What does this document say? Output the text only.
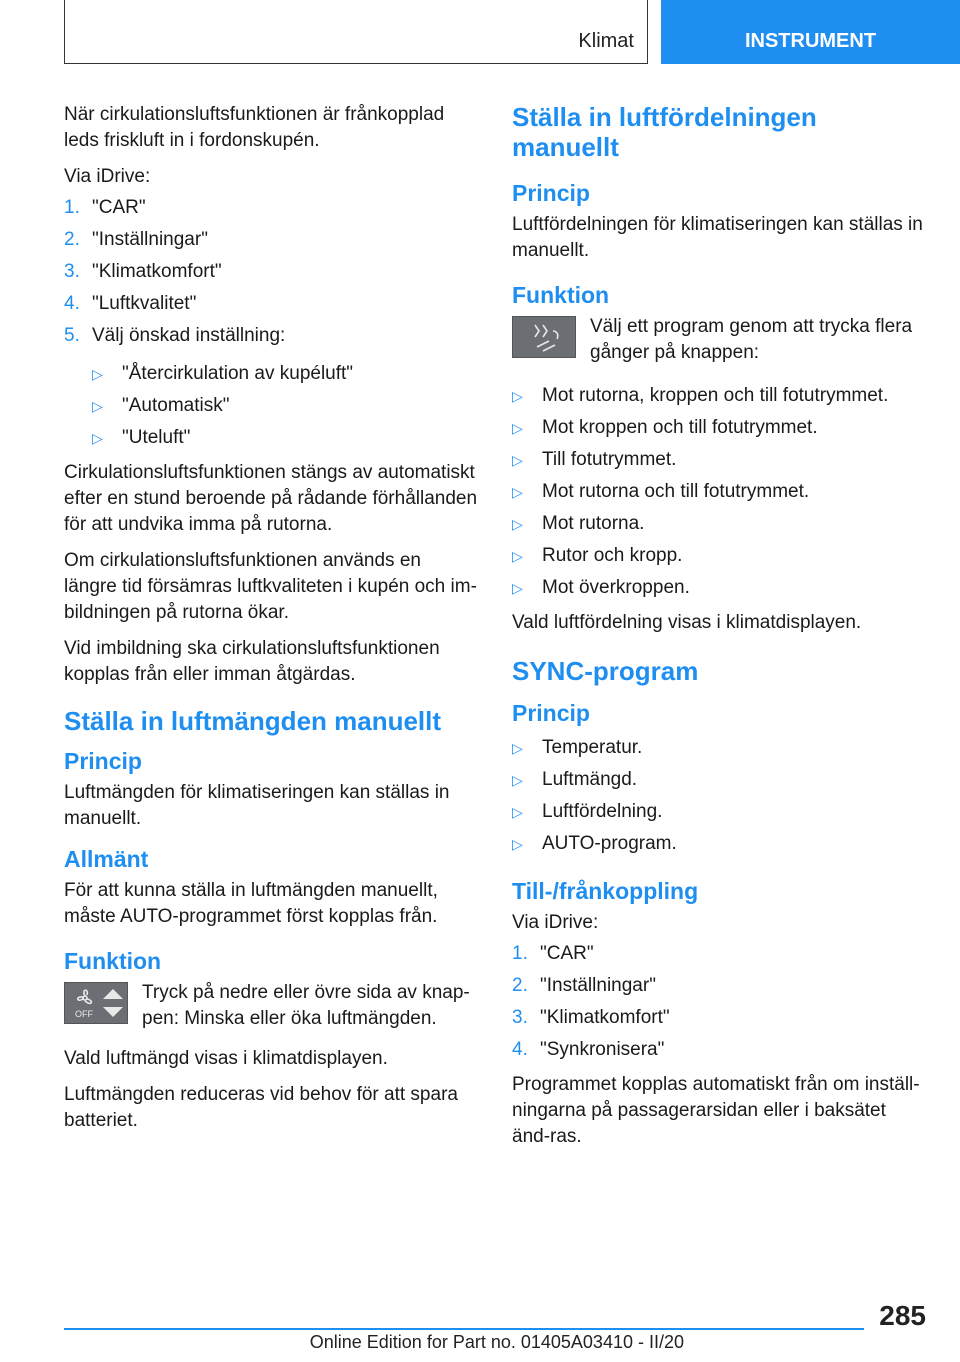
Klimat	INSTRUMENT

När cirkulationsluftsfunktionen är frånkopplad leds friskluft in i fordonskupén.

Via iDrive:

1. "CAR"
2. "Inställningar"
3. "Klimatkomfort"
4. "Luftkvalitet"
5. Välj önskad inställning:
▷	"Återcirkulation av kupéluft"
▷	"Automatisk"
▷	"Uteluft"

Cirkulationsluftsfunktionen stängs av automatiskt efter en stund beroende på rådande förhållanden för att undvika imma på rutorna.

Om cirkulationsluftsfunktionen används en längre tid försämras luftkvaliteten i kupén och im-bildningen på rutorna ökar.

Vid imbildning ska cirkulationsluftsfunktionen kopplas från eller imman åtgärdas.

Ställa in luftmängden manuellt
Princip

Luftmängden för klimatiseringen kan ställas in manuellt.

Allmänt

För att kunna ställa in luftmängden manuellt, måste AUTO-programmet först kopplas från.

Funktion
OFF
Tryck på nedre eller övre sida av knap-pen: Minska eller öka luftmängden.

Vald luftmängd visas i klimatdisplayen.

Luftmängden reduceras vid behov för att spara batteriet.

Ställa in luftfördelningen manuellt
Princip

Luftfördelningen för klimatiseringen kan ställas in manuellt.

Funktion
Välj ett program genom att trycka flera gånger på knappen:
▷	Mot rutorna, kroppen och till fotutrymmet.
▷	Mot kroppen och till fotutrymmet.
▷	Till fotutrymmet.
▷	Mot rutorna och till fotutrymmet.
▷	Mot rutorna.
▷	Rutor och kropp.
▷	Mot överkroppen.

Vald luftfördelning visas i klimatdisplayen.

SYNC-program
Princip
▷	Temperatur.
▷	Luftmängd.
▷	Luftfördelning.
▷	AUTO-program.
Till-/frånkoppling

Via iDrive:

1. "CAR"
2. "Inställningar"
3. "Klimatkomfort"
4. "Synkronisera"

Programmet kopplas automatiskt från om inställ-ningarna på passagerarsidan eller i baksätet änd-ras.

285
Online Edition for Part no. 01405A03410 - II/20
